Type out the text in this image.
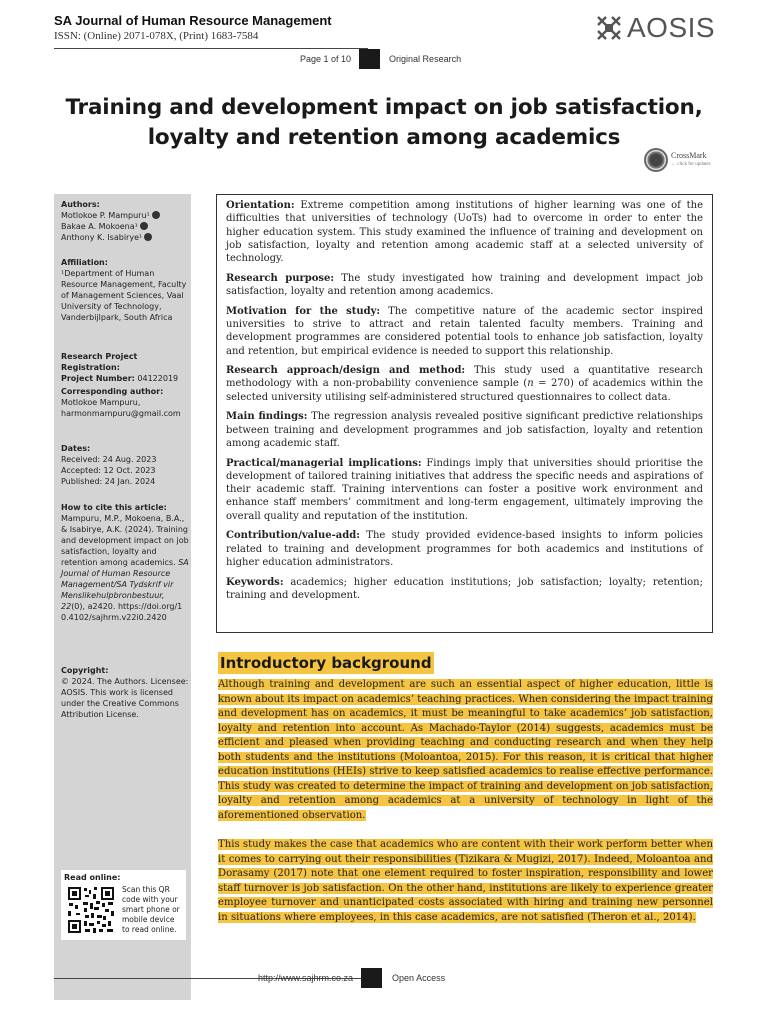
SA Journal of Human Resource Management
ISSN: (Online) 2071-078X, (Print) 1683-7584	AOSIS
Page 1 of 10	Original Research
Training and development impact on job satisfaction,
loyalty and retention among academics
CrossMark
← click for updates
Authors:
Motlokoe P. Mampuru¹
Bakae A. Mokoena¹
Anthony K. Isabirye¹
Affiliation:
¹Department of Human Resource Management, Faculty of Management Sciences, Vaal University of Technology, Vanderbijlpark, South Africa
Research Project Registration:
Project Number: 04122019
Corresponding author:
Motlokoe Mampuru,
harmonmampuru@gmail.com
Dates:
Received: 24 Aug. 2023
Accepted: 12 Oct. 2023
Published: 24 Jan. 2024
How to cite this article:
Mampuru, M.P., Mokoena, B.A., & Isabirye, A.K. (2024). Training and development impact on job satisfaction, loyalty and retention among academics. SA Journal of Human Resource Management/SA Tydskrif vir Menslikehulpbronbestuur, 22(0), a2420. https://doi.org/10.4102/sajhrm.v22i0.2420
Copyright:
© 2024. The Authors. Licensee: AOSIS. This work is licensed under the Creative Commons Attribution License.
Read online:
Scan this QR code with your smart phone or mobile device to read online.

Orientation: Extreme competition among institutions of higher learning was one of the difficulties that universities of technology (UoTs) had to overcome in order to enter the higher education system. This study examined the influence of training and development on job satisfaction, loyalty and retention among academic staff at a selected university of technology.

Research purpose: The study investigated how training and development impact job satisfaction, loyalty and retention among academics.

Motivation for the study: The competitive nature of the academic sector inspired universities to strive to attract and retain talented faculty members. Training and development programmes are considered potential tools to enhance job satisfaction, loyalty and retention, but empirical evidence is needed to support this relationship.

Research approach/design and method: This study used a quantitative research methodology with a non-probability convenience sample (n = 270) of academics within the selected university utilising self-administered structured questionnaires to collect data.

Main findings: The regression analysis revealed positive significant predictive relationships between training and development programmes and job satisfaction, loyalty and retention among academic staff.

Practical/managerial implications: Findings imply that universities should prioritise the development of tailored training initiatives that address the specific needs and aspirations of their academic staff. Training interventions can foster a positive work environment and enhance staff members’ commitment and long-term engagement, ultimately improving the overall quality and reputation of the institution.

Contribution/value-add: The study provided evidence-based insights to inform policies related to training and development programmes for both academics and institutions of higher education administrators.

Keywords: academics; higher education institutions; job satisfaction; loyalty; retention; training and development.

Introductory background
Although training and development are such an essential aspect of higher education, little is known about its impact on academics’ teaching practices. When considering the impact training and development has on academics, it must be meaningful to take academics’ job satisfaction, loyalty and retention into account. As Machado-Taylor (2014) suggests, academics must be efficient and pleased when providing teaching and conducting research and when they help both students and the institutions (Moloantoa, 2015). For this reason, it is critical that higher education institutions (HEIs) strive to keep satisfied academics to realise effective performance. This study was created to determine the impact of training and development on job satisfaction, loyalty and retention among academics at a university of technology in light of the aforementioned observation.
This study makes the case that academics who are content with their work perform better when it comes to carrying out their responsibilities (Tizikara & Mugizi, 2017). Indeed, Moloantoa and Dorasamy (2017) note that one element required to foster inspiration, responsibility and lower staff turnover is job satisfaction. On the other hand, institutions are likely to experience greater employee turnover and unanticipated costs associated with hiring and training new personnel in situations where employees, in this case academics, are not satisfied (Theron et al., 2014).
http://www.sajhrm.co.za	Open Access
